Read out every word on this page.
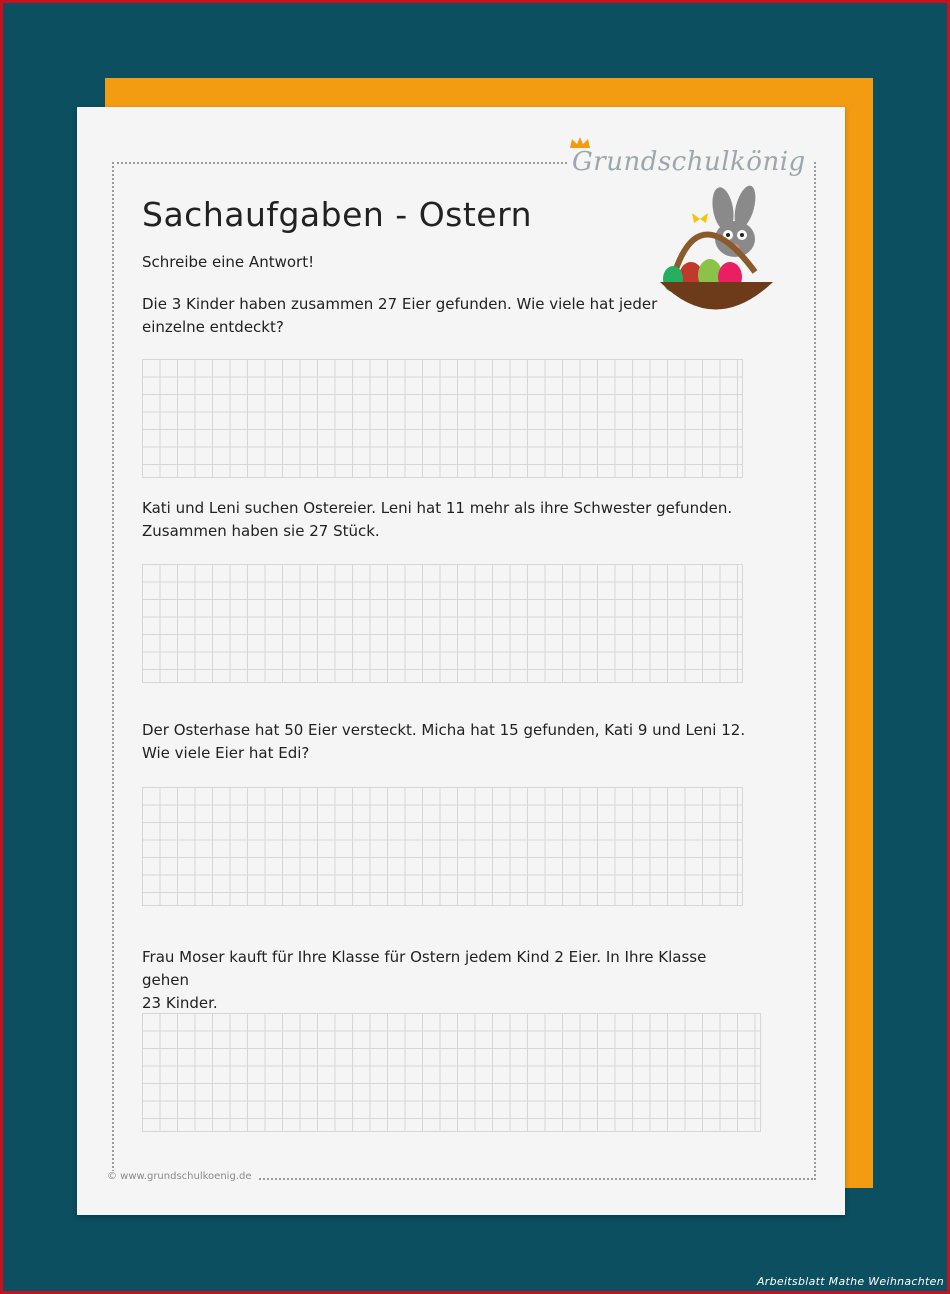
Grundschulkönig
Sachaufgaben - Ostern
Schreibe eine Antwort!
Die 3 Kinder haben zusammen 27 Eier gefunden. Wie viele hat jeder
einzelne entdeckt?
Kati und Leni suchen Ostereier. Leni hat 11 mehr als ihre Schwester gefunden.
Zusammen haben sie 27 Stück.
Der Osterhase hat 50 Eier versteckt. Micha hat 15 gefunden, Kati 9 und Leni 12.
Wie viele Eier hat Edi?
Frau Moser kauft für Ihre Klasse für Ostern jedem Kind 2 Eier. In Ihre Klasse gehen
23 Kinder.
© www.grundschulkoenig.de
Arbeitsblatt Mathe Weihnachten
